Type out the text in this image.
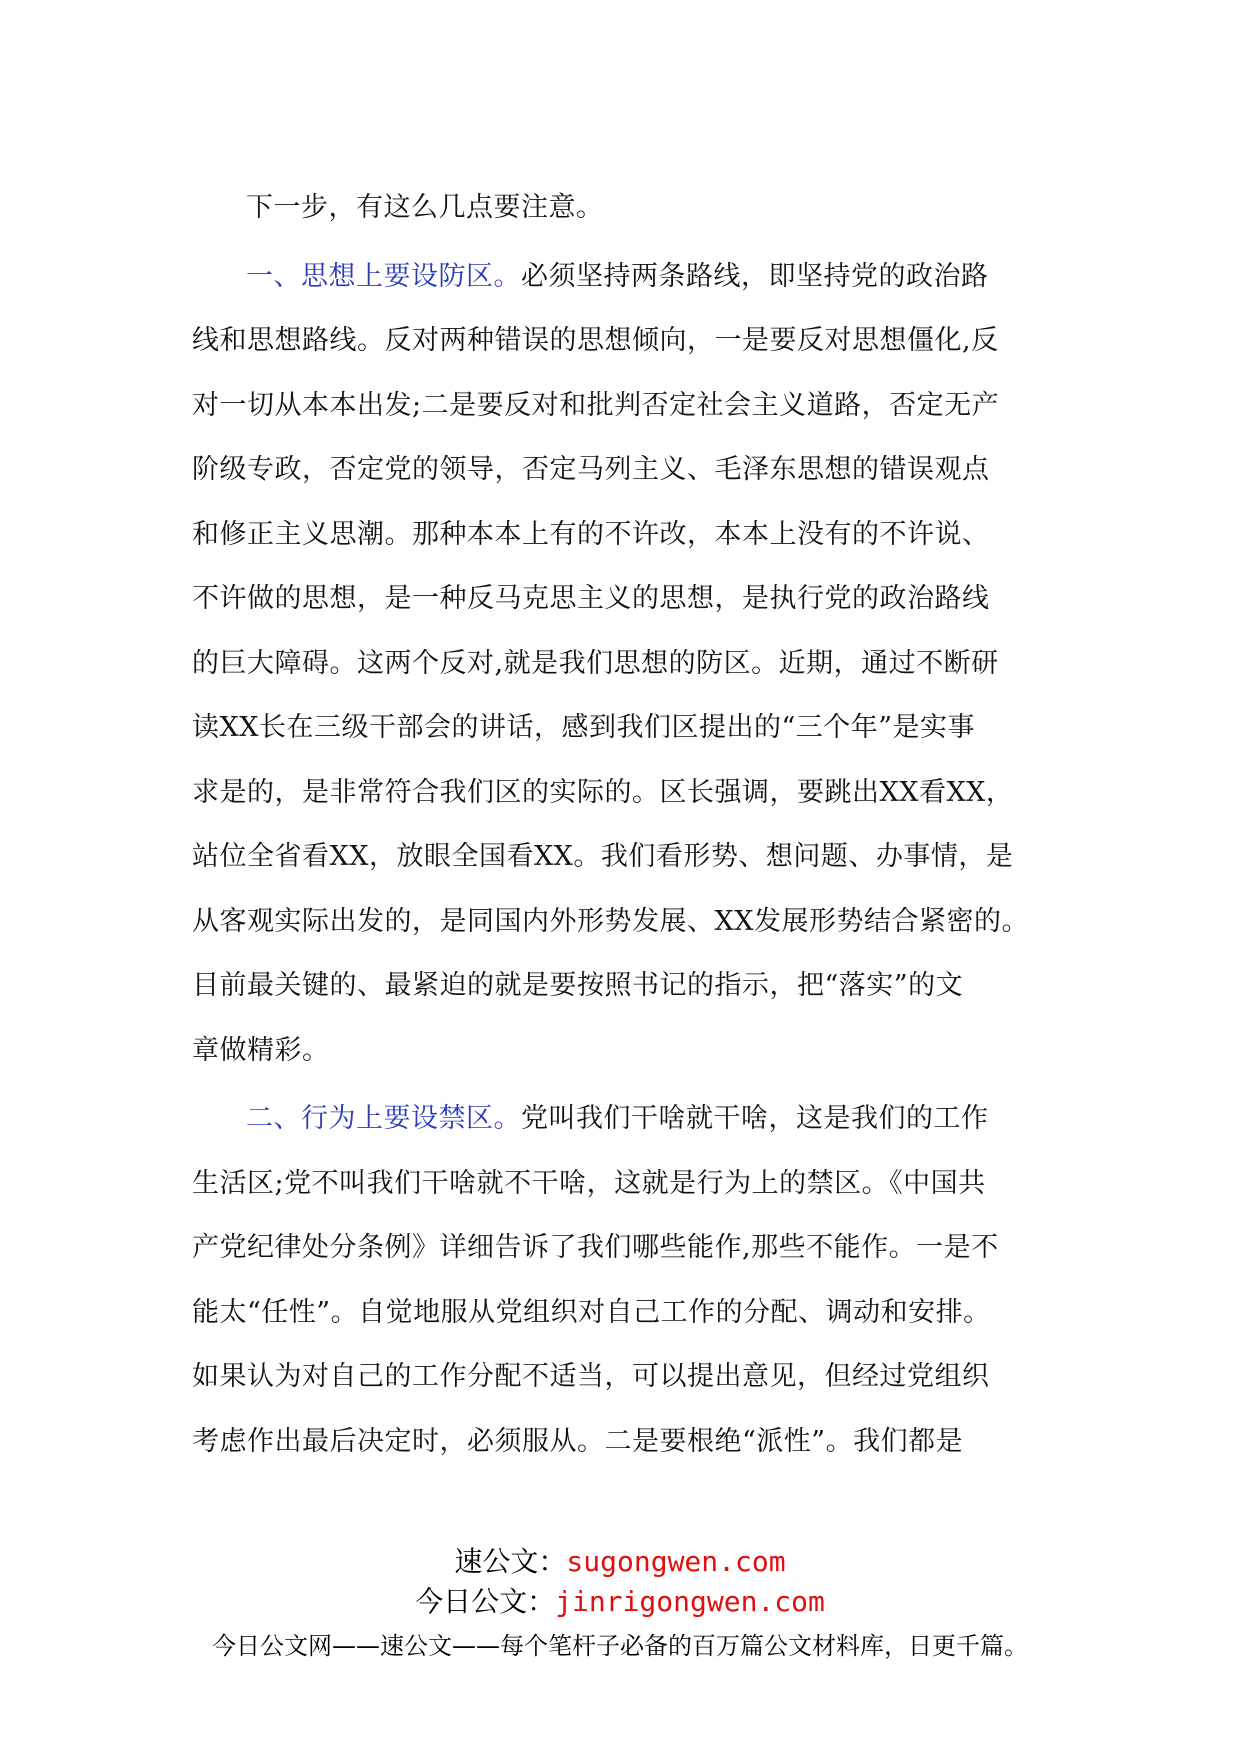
下一步，有这么几点要注意。
一、思想上要设防区。必须坚持两条路线，即坚持党的政治路
线和思想路线。反对两种错误的思想倾向，一是要反对思想僵化,反
对一切从本本出发;二是要反对和批判否定社会主义道路，否定无产
阶级专政，否定党的领导，否定马列主义、毛泽东思想的错误观点
和修正主义思潮。那种本本上有的不许改，本本上没有的不许说、
不许做的思想，是一种反马克思主义的思想，是执行党的政治路线
的巨大障碍。这两个反对,就是我们思想的防区。近期，通过不断研
读XX长在三级干部会的讲话，感到我们区提出的“三个年”是实事
求是的，是非常符合我们区的实际的。区长强调，要跳出XX看XX，
站位全省看XX，放眼全国看XX。我们看形势、想问题、办事情，是
从客观实际出发的，是同国内外形势发展、XX发展形势结合紧密的。
目前最关键的、最紧迫的就是要按照书记的指示，把“落实”的文
章做精彩。
二、行为上要设禁区。党叫我们干啥就干啥，这是我们的工作
生活区;党不叫我们干啥就不干啥，这就是行为上的禁区。《中国共
产党纪律处分条例》详细告诉了我们哪些能作,那些不能作。一是不
能太“任性”。自觉地服从党组织对自己工作的分配、调动和安排。
如果认为对自己的工作分配不适当，可以提出意见，但经过党组织
考虑作出最后决定时，必须服从。二是要根绝“派性”。我们都是
速公文：sugongwen.com
今日公文：jinrigongwen.com
今日公文网——速公文——每个笔杆子必备的百万篇公文材料库，日更千篇。
